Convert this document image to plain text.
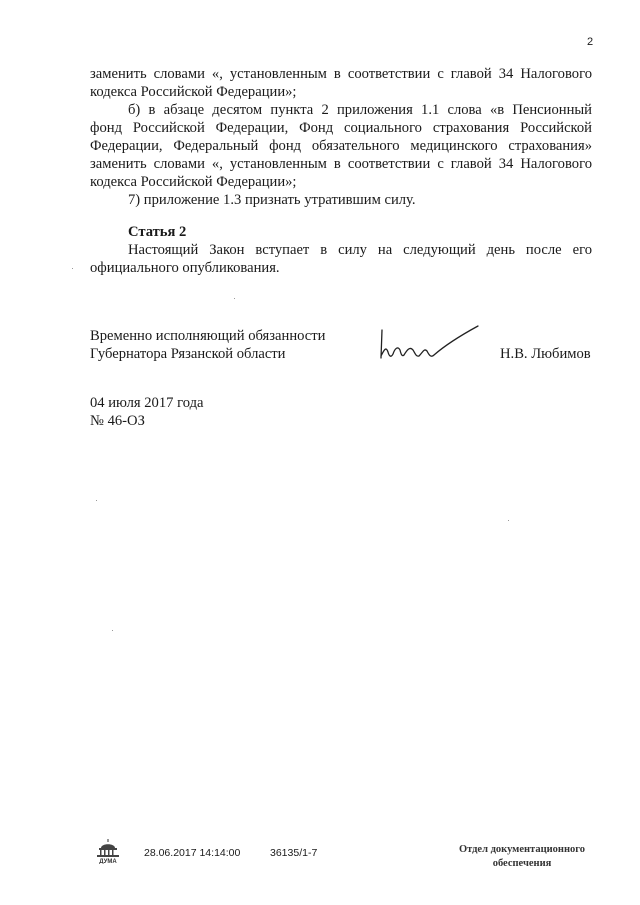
2
заменить словами «, установленным в соответствии с главой 34 Налогового
кодекса Российской Федерации»;
б) в абзаце десятом пункта 2 приложения 1.1 слова «в Пенсионный
фонд Российской Федерации, Фонд социального страхования Российской
Федерации, Федеральный фонд обязательного медицинского страхования»
заменить словами «, установленным в соответствии с главой 34 Налогового
кодекса Российской Федерации»;
7) приложение 1.3 признать утратившим силу.
Статья 2
Настоящий Закон вступает в силу на следующий день после его
официального опубликования.
Временно исполняющий обязанности
Губернатора Рязанской области	Н.В. Любимов
04 июля 2017 года
№ 46-ОЗ
ДУМА
28.06.2017 14:14:00	36135/1-7	Отдел документационного
обеспечения
